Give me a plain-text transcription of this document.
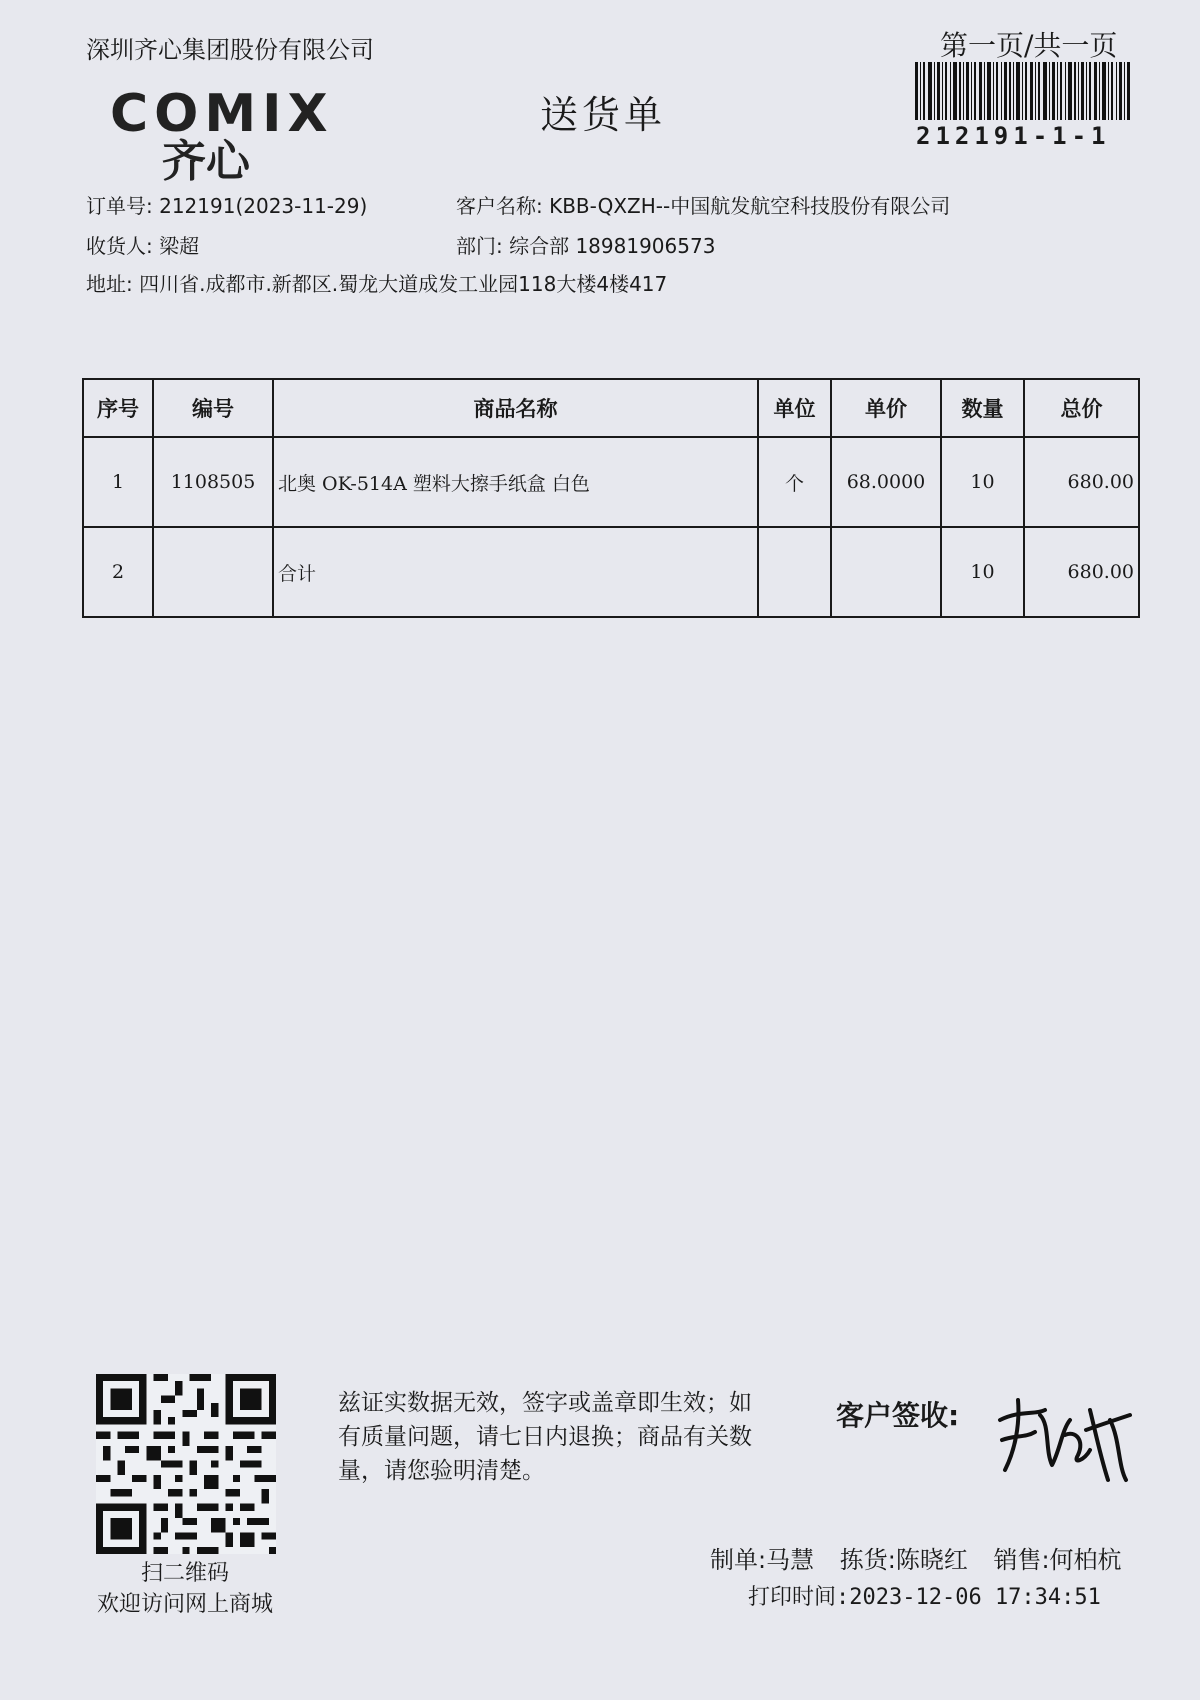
深圳齐心集团股份有限公司
COMIX
齐心
送货单
第一页/共一页
212191-1-1
订单号: 212191(2023-11-29)	客户名称: KBB-QXZH--中国航发航空科技股份有限公司
收货人: 梁超	部门: 综合部 18981906573
地址: 四川省.成都市.新都区.蜀龙大道成发工业园118大楼4楼417
序号	编号	商品名称	单位	单价	数量	总价
1	1108505	北奥 OK-514A 塑料大擦手纸盒 白色	个	68.0000	10	680.00
2		合计			10	680.00
扫二维码
欢迎访问网上商城
兹证实数据无效，签字或盖章即生效；如有质量问题，请七日内退换；商品有关数量，请您验明清楚。
客户签收:
制单:马慧 拣货:陈晓红 销售:何柏杭
打印时间:2023-12-06 17:34:51
